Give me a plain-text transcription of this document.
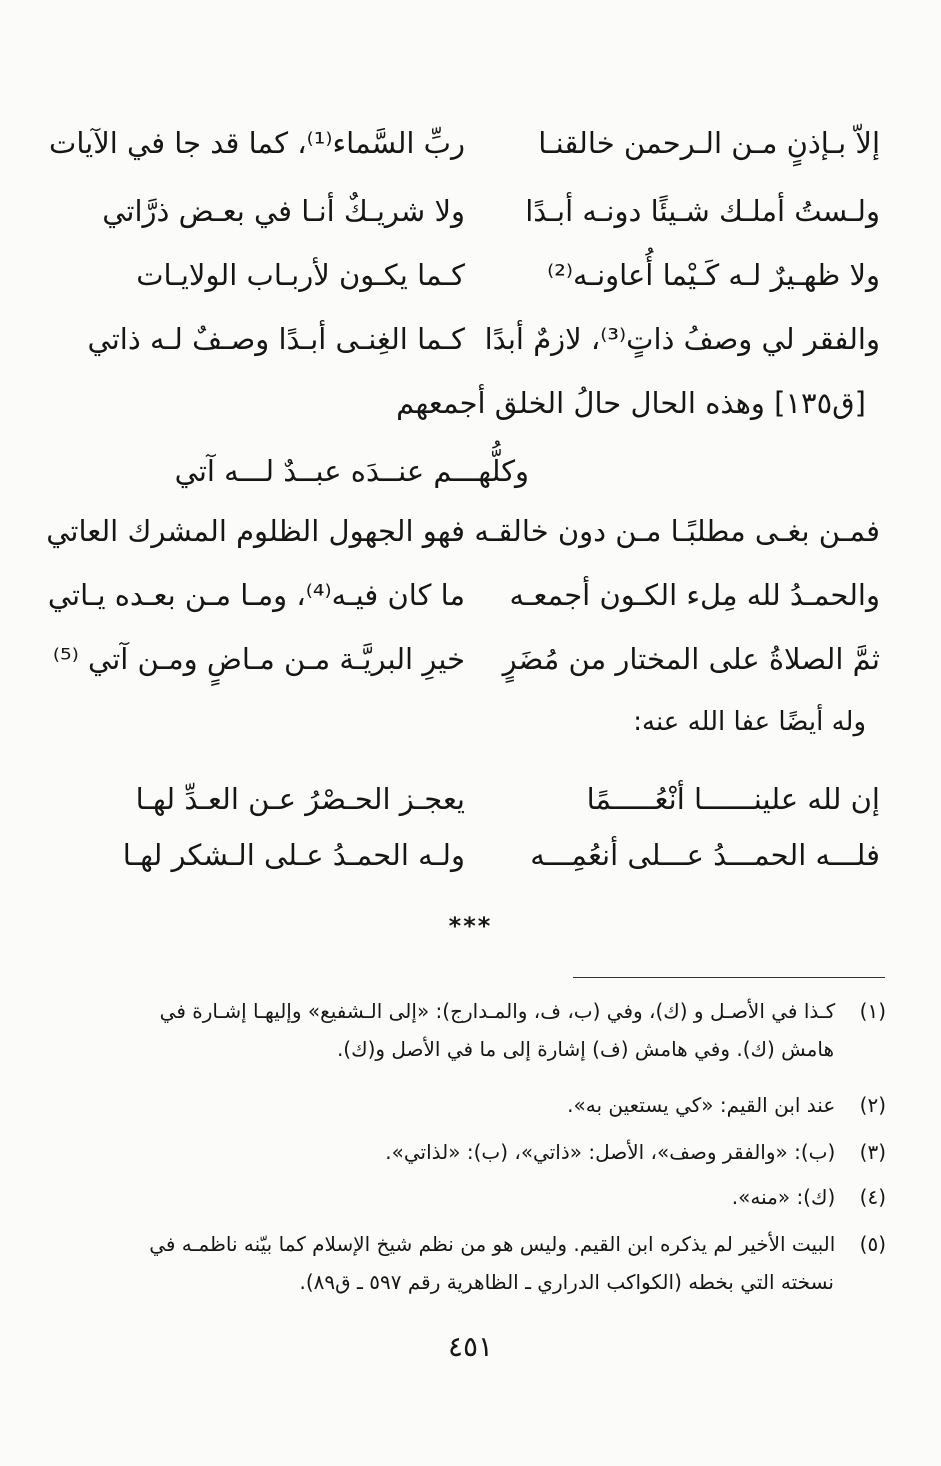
إلاّ بـإذنٍ مـن الـرحمن خالقنـا
ربِّ السَّماء⁽¹⁾، كما قد جا في الآيات
ولـستُ أملـك شـيئًا دونـه أبـدًا
ولا شريـكٌ أنـا في بعـض ذرَّاتي
ولا ظهـيرٌ لـه كَـيْما أُعاونـه⁽²⁾
كـما يكـون لأربـاب الولايـات
والفقر لي وصفُ ذاتٍ⁽³⁾، لازمٌ أبدًا
كـما الغِنـى أبـدًا وصـفٌ لـه ذاتي
[ق١٣٥] وهذه الحال حالُ الخلق أجمعهم
وكلُّهـــم عنــدَه عبــدٌ لـــه آتي
فمـن بغـى مطلبًـا مـن دون خالقـه
فهو الجهول الظلوم المشرك العاتي
والحمـدُ لله مِلء الكـون أجمعـه
ما كان فيـه⁽⁴⁾، ومـا مـن بعـده يـاتي
ثمَّ الصلاةُ على المختار من مُضَرٍ
خيرِ البريَّـة مـن مـاضٍ ومـن آتي ⁽⁵⁾
وله أيضًا عفا الله عنه:
إن لله علينــــــا أنْعُـــــمًا
يعجـز الحـصْرُ عـن العـدِّ لهـا
فلـــه الحمـــدُ عـــلى أنعُمِـــه
ولـه الحمـدُ عـلى الـشكر لهـا
***
(١)  كـذا في الأصـل و (ك)، وفي (ب، ف، والمـدارج): «إلى الـشفيع» وإليهـا إشـارة في
هامش (ك). وفي هامش (ف) إشارة إلى ما في الأصل و(ك).
(٢)  عند ابن القيم: «كي يستعين به».
(٣)  (ب): «والفقر وصف»، الأصل: «ذاتي»، (ب): «لذاتي».
(٤)  (ك): «منه».
(٥)  البيت الأخير لم يذكره ابن القيم. وليس هو من نظم شيخ الإسلام كما بيّنه ناظمـه في
نسخته التي بخطه (الكواكب الدراري ـ الظاهرية رقم ٥٩٧ ـ ق٨٩).
٤٥١
